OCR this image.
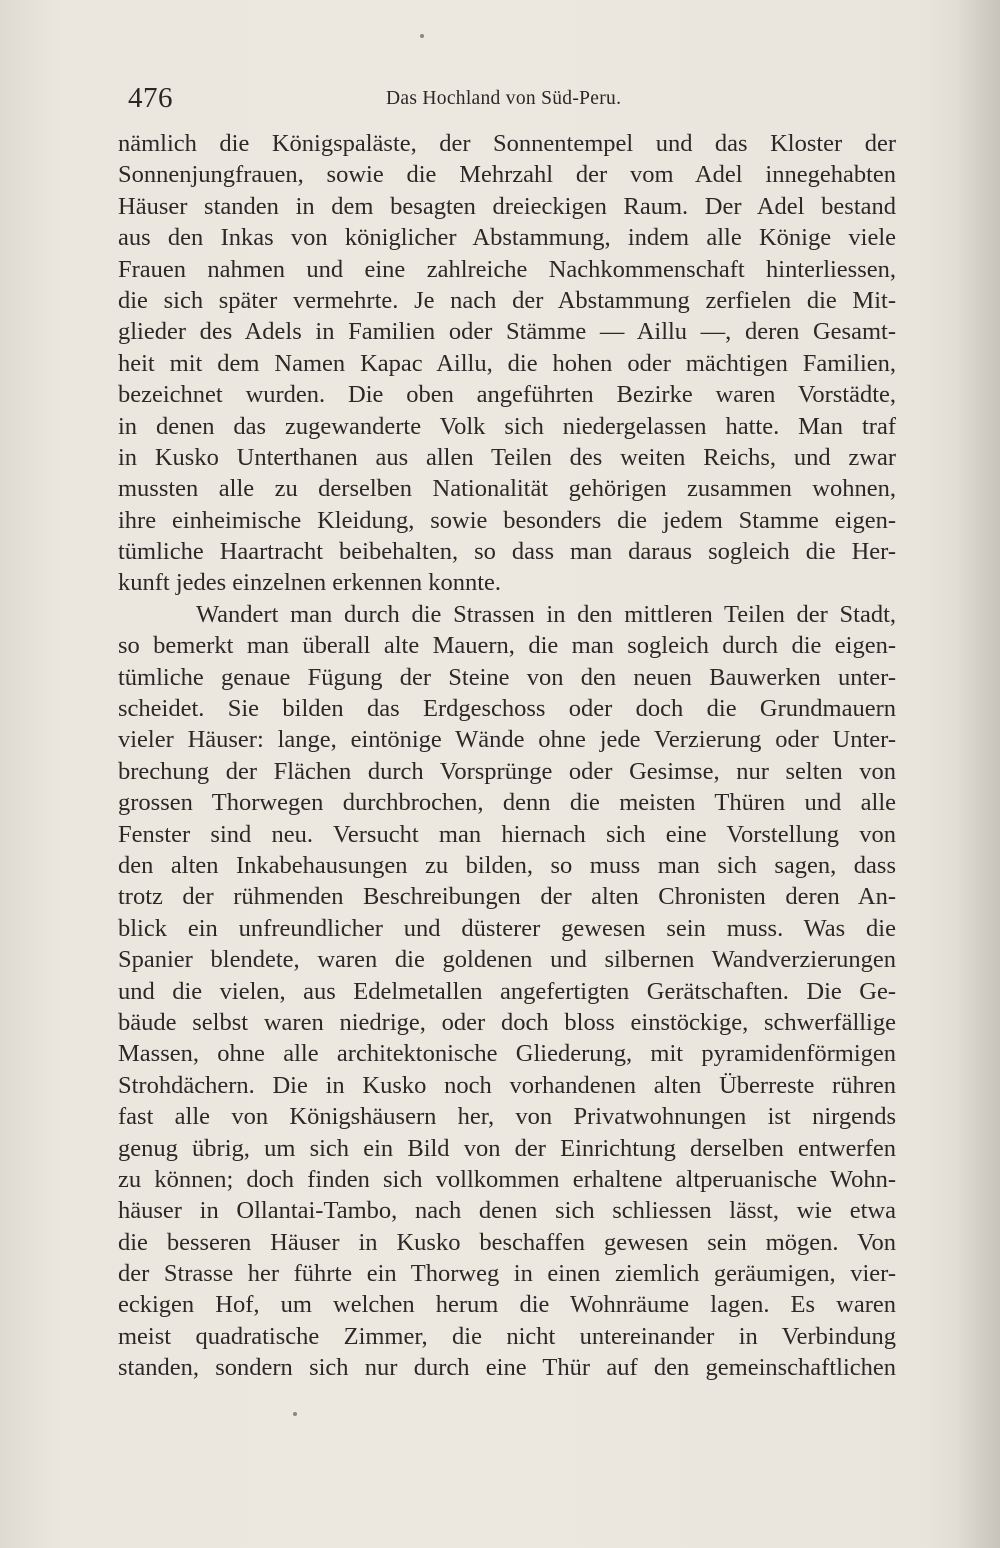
476	Das Hochland von Süd-Peru.
nämlich die Königspaläste, der Sonnentempel und das Kloster der
Sonnenjungfrauen, sowie die Mehrzahl der vom Adel innegehabten
Häuser standen in dem besagten dreieckigen Raum. Der Adel bestand
aus den Inkas von königlicher Abstammung, indem alle Könige viele
Frauen nahmen und eine zahlreiche Nachkommenschaft hinterliessen,
die sich später vermehrte. Je nach der Abstammung zerfielen die Mit-
glieder des Adels in Familien oder Stämme — Aillu —, deren Gesamt-
heit mit dem Namen Kapac Aillu, die hohen oder mächtigen Familien,
bezeichnet wurden. Die oben angeführten Bezirke waren Vorstädte,
in denen das zugewanderte Volk sich niedergelassen hatte. Man traf
in Kusko Unterthanen aus allen Teilen des weiten Reichs, und zwar
mussten alle zu derselben Nationalität gehörigen zusammen wohnen,
ihre einheimische Kleidung, sowie besonders die jedem Stamme eigen-
tümliche Haartracht beibehalten, so dass man daraus sogleich die Her-
kunft jedes einzelnen erkennen konnte.
Wandert man durch die Strassen in den mittleren Teilen der Stadt,
so bemerkt man überall alte Mauern, die man sogleich durch die eigen-
tümliche genaue Fügung der Steine von den neuen Bauwerken unter-
scheidet. Sie bilden das Erdgeschoss oder doch die Grundmauern
vieler Häuser: lange, eintönige Wände ohne jede Verzierung oder Unter-
brechung der Flächen durch Vorsprünge oder Gesimse, nur selten von
grossen Thorwegen durchbrochen, denn die meisten Thüren und alle
Fenster sind neu. Versucht man hiernach sich eine Vorstellung von
den alten Inkabehausungen zu bilden, so muss man sich sagen, dass
trotz der rühmenden Beschreibungen der alten Chronisten deren An-
blick ein unfreundlicher und düsterer gewesen sein muss. Was die
Spanier blendete, waren die goldenen und silbernen Wandverzierungen
und die vielen, aus Edelmetallen angefertigten Gerätschaften. Die Ge-
bäude selbst waren niedrige, oder doch bloss einstöckige, schwerfällige
Massen, ohne alle architektonische Gliederung, mit pyramidenförmigen
Strohdächern. Die in Kusko noch vorhandenen alten Überreste rühren
fast alle von Königshäusern her, von Privatwohnungen ist nirgends
genug übrig, um sich ein Bild von der Einrichtung derselben entwerfen
zu können; doch finden sich vollkommen erhaltene altperuanische Wohn-
häuser in Ollantai-Tambo, nach denen sich schliessen lässt, wie etwa
die besseren Häuser in Kusko beschaffen gewesen sein mögen. Von
der Strasse her führte ein Thorweg in einen ziemlich geräumigen, vier-
eckigen Hof, um welchen herum die Wohnräume lagen. Es waren
meist quadratische Zimmer, die nicht untereinander in Verbindung
standen, sondern sich nur durch eine Thür auf den gemeinschaftlichen
